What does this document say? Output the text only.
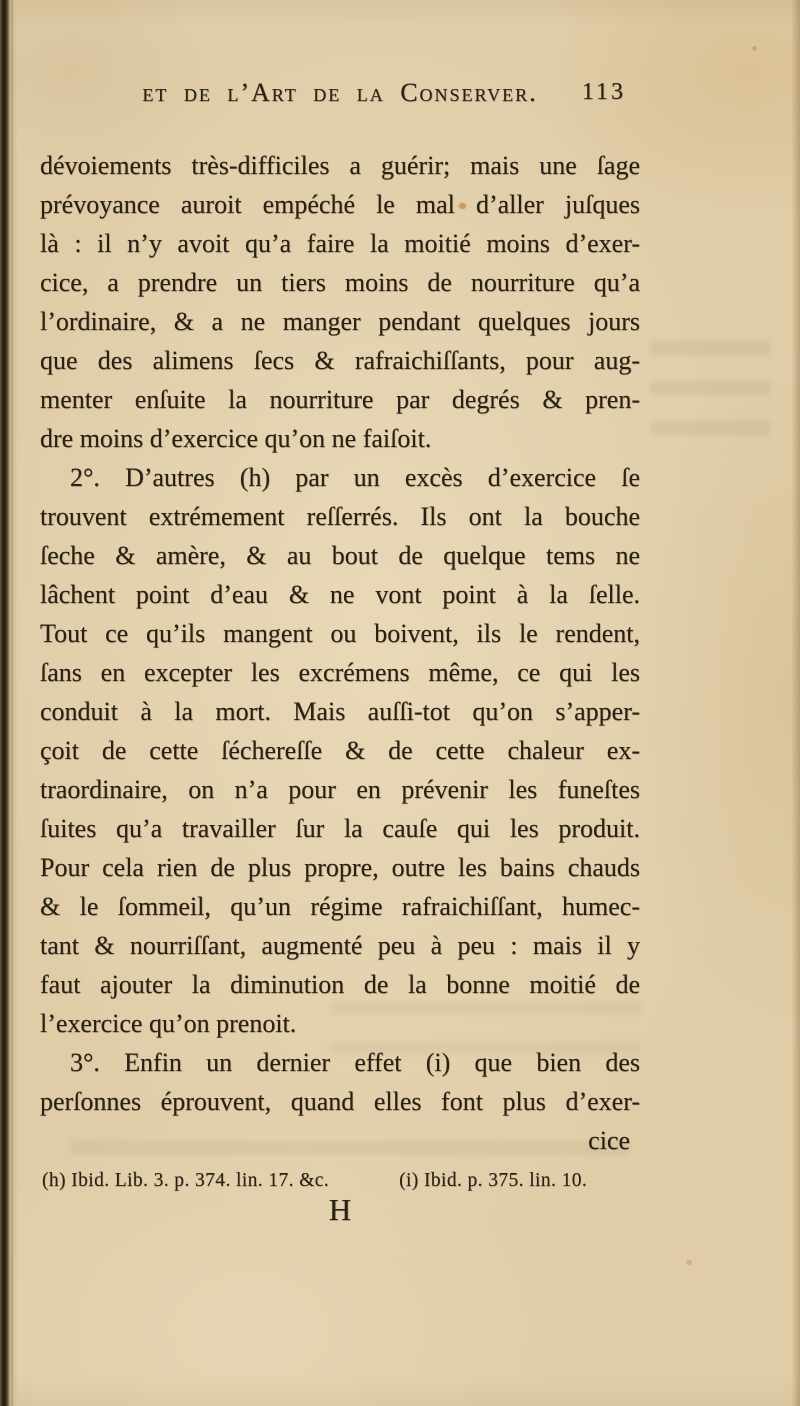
et de l’Art de la Conserver. 113
dévoiements très-difficiles a guérir; mais une ſage
prévoyance auroit empéché le mal d’aller juſques
là : il n’y avoit qu’a faire la moitié moins d’exer-
cice, a prendre un tiers moins de nourriture qu’a
l’ordinaire, & a ne manger pendant quelques jours
que des alimens ſecs & rafraichiſſants, pour aug-
menter enſuite la nourriture par degrés & pren-
dre moins d’exercice qu’on ne faiſoit.
2°. D’autres (h) par un excès d’exercice ſe
trouvent extrémement reſſerrés. Ils ont la bouche
ſeche & amère, & au bout de quelque tems ne
lâchent point d’eau & ne vont point à la ſelle.
Tout ce qu’ils mangent ou boivent, ils le rendent,
ſans en excepter les excrémens même, ce qui les
conduit à la mort. Mais auſſi-tot qu’on s’apper-
çoit de cette ſéchereſſe & de cette chaleur ex-
traordinaire, on n’a pour en prévenir les funeſtes
ſuites qu’a travailler ſur la cauſe qui les produit.
Pour cela rien de plus propre, outre les bains chauds
& le ſommeil, qu’un régime rafraichiſſant, humec-
tant & nourriſſant, augmenté peu à peu : mais il y
faut ajouter la diminution de la bonne moitié de
l’exercice qu’on prenoit.
3°. Enfin un dernier effet (i) que bien des
perſonnes éprouvent, quand elles font plus d’exer-
cice
(h) Ibid. Lib. 3. p. 374. lin. 17. &c.	(i) Ibid. p. 375. lin. 10.
H
